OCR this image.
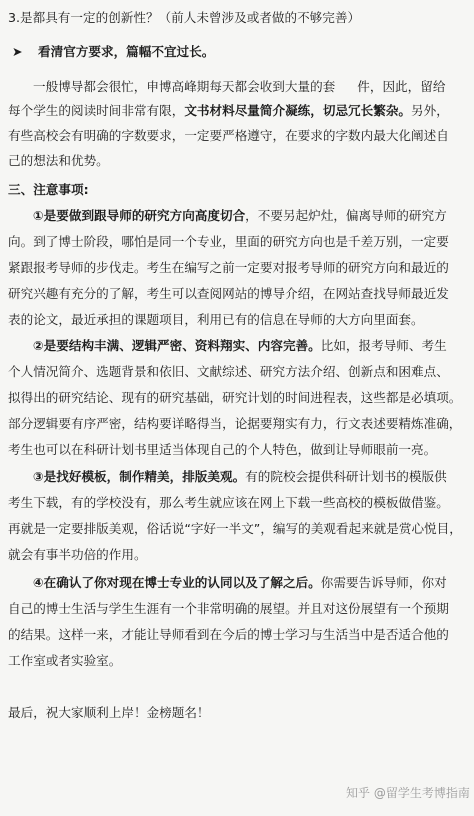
3.是都具有一定的创新性？（前人未曾涉及或者做的不够完善）
➤ 看清官方要求，篇幅不宜过长。
一般博导都会很忙，申博高峰期每天都会收到大量的套 件，因此，留给
每个学生的阅读时间非常有限，文书材料尽量简介凝练，切忌冗长繁杂。另外，
有些高校会有明确的字数要求，一定要严格遵守，在要求的字数内最大化阐述自
己的想法和优势。
三、注意事项:
①是要做到跟导师的研究方向高度切合，不要另起炉灶，偏离导师的研究方
向。到了博士阶段，哪怕是同一个专业，里面的研究方向也是千差万别，一定要
紧跟报考导师的步伐走。考生在编写之前一定要对报考导师的研究方向和最近的
研究兴趣有充分的了解，考生可以查阅网站的博导介绍，在网站查找导师最近发
表的论文，最近承担的课题项目，利用已有的信息在导师的大方向里面套。
②是要结构丰满、逻辑严密、资料翔实、内容完善。比如，报考导师、考生
个人情况简介、选题背景和依旧、文献综述、研究方法介绍、创新点和困难点、
拟得出的研究结论、现有的研究基础，研究计划的时间进程表，这些都是必填项。
部分逻辑要有序严密，结构要详略得当，论据要翔实有力，行文表述要精炼准确，
考生也可以在科研计划书里适当体现自己的个人特色，做到让导师眼前一亮。
③是找好模板，制作精美，排版美观。有的院校会提供科研计划书的模版供
考生下载，有的学校没有，那么考生就应该在网上下载一些高校的模板做借鉴。
再就是一定要排版美观，俗话说“字好一半文”，编写的美观看起来就是赏心悦目，
就会有事半功倍的作用。
④在确认了你对现在博士专业的认同以及了解之后。你需要告诉导师，你对
自己的博士生活与学生生涯有一个非常明确的展望。并且对这份展望有一个预期
的结果。这样一来，才能让导师看到在今后的博士学习与生活当中是否适合他的
工作室或者实验室。
最后，祝大家顺利上岸！金榜题名！
知乎 @留学生考博指南
